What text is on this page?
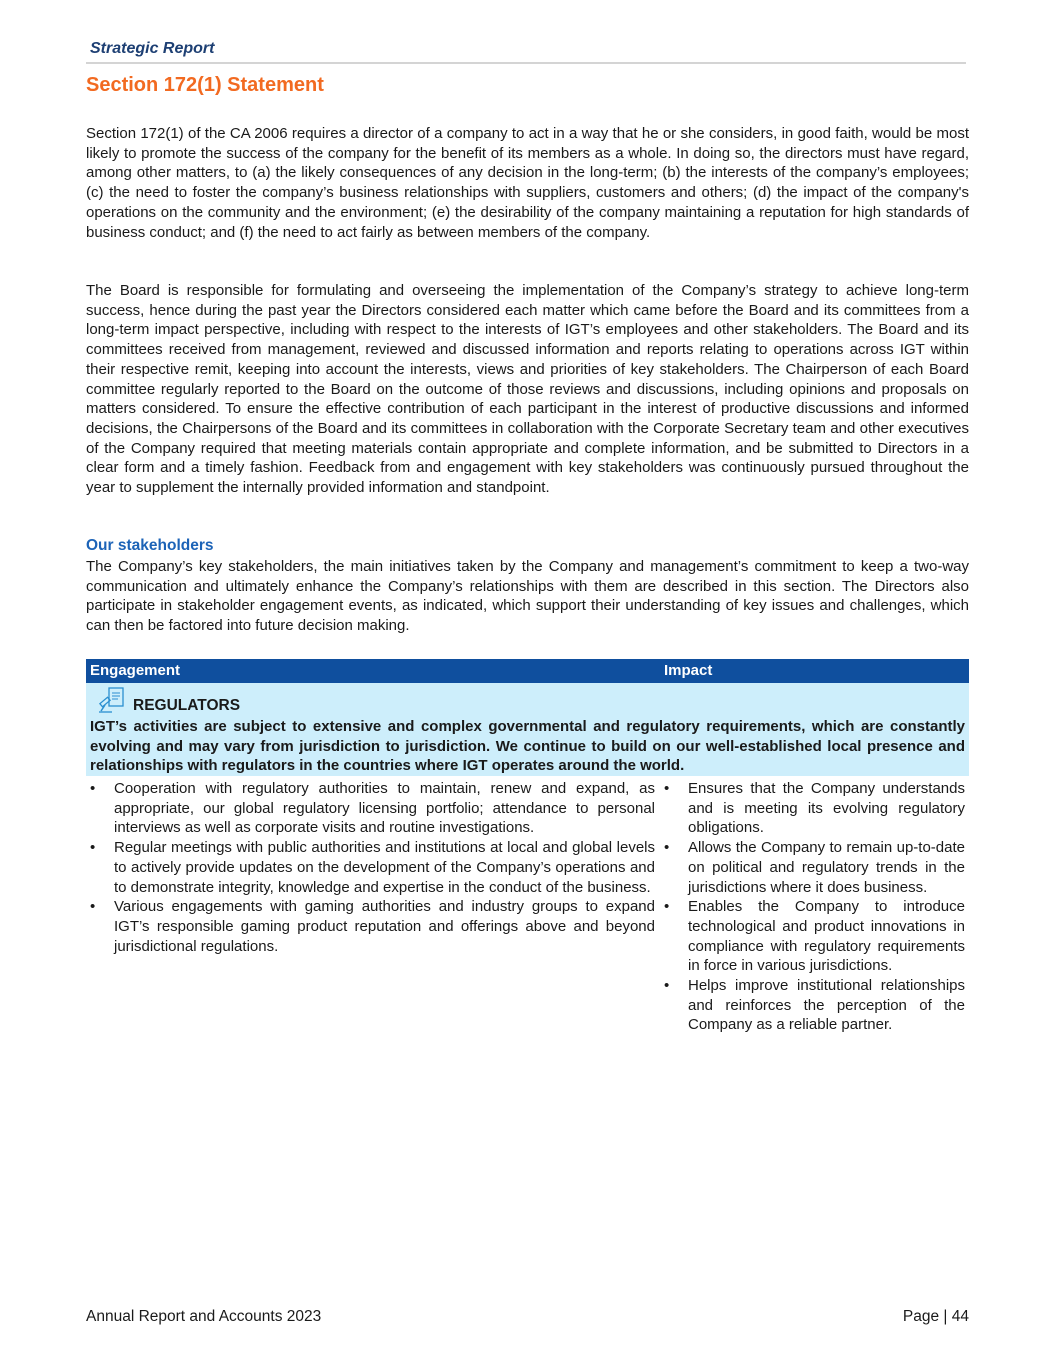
Strategic Report
Section 172(1) Statement

Section 172(1) of the CA 2006 requires a director of a company to act in a way that he or she considers, in good faith, would be most likely to promote the success of the company for the benefit of its members as a whole. In doing so, the directors must have regard, among other matters, to (a) the likely consequences of any decision in the long-term; (b) the interests of the company’s employees; (c) the need to foster the company’s business relationships with suppliers, customers and others; (d) the impact of the company's operations on the community and the environment; (e) the desirability of the company maintaining a reputation for high standards of business conduct; and (f) the need to act fairly as between members of the company.

The Board is responsible for formulating and overseeing the implementation of the Company’s strategy to achieve long-term success, hence during the past year the Directors considered each matter which came before the Board and its committees from a long-term impact perspective, including with respect to the interests of IGT’s employees and other stakeholders. The Board and its committees received from management, reviewed and discussed information and reports relating to operations across IGT within their respective remit, keeping into account the interests, views and priorities of key stakeholders. The Chairperson of each Board committee regularly reported to the Board on the outcome of those reviews and discussions, including opinions and proposals on matters considered. To ensure the effective contribution of each participant in the interest of productive discussions and informed decisions, the Chairpersons of the Board and its committees in collaboration with the Corporate Secretary team and other executives of the Company required that meeting materials contain appropriate and complete information, and be submitted to Directors in a clear form and a timely fashion. Feedback from and engagement with key stakeholders was continuously pursued throughout the year to supplement the internally provided information and standpoint.

Our stakeholders

The Company’s key stakeholders, the main initiatives taken by the Company and management’s commitment to keep a two-way communication and ultimately enhance the Company’s relationships with them are described in this section. The Directors also participate in stakeholder engagement events, as indicated, which support their understanding of key issues and challenges, which can then be factored into future decision making.

Engagement	Impact
REGULATORS

IGT’s activities are subject to extensive and complex governmental and regulatory requirements, which are constantly evolving and may vary from jurisdiction to jurisdiction. We continue to build on our well-established local presence and relationships with regulators in the countries where IGT operates around the world.

• Cooperation with regulatory authorities to maintain, renew and expand, as appropriate, our global regulatory licensing portfolio; attendance to personal interviews as well as corporate visits and routine investigations.
• Regular meetings with public authorities and institutions at local and global levels to actively provide updates on the development of the Company’s operations and to demonstrate integrity, knowledge and expertise in the conduct of the business.
• Various engagements with gaming authorities and industry groups to expand IGT’s responsible gaming product reputation and offerings above and beyond jurisdictional regulations.
• Ensures that the Company understands and is meeting its evolving regulatory obligations.
• Allows the Company to remain up-to-date on political and regulatory trends in the jurisdictions where it does business.
• Enables the Company to introduce technological and product innovations in compliance with regulatory requirements in force in various jurisdictions.
• Helps improve institutional relationships and reinforces the perception of the Company as a reliable partner.
Annual Report and Accounts 2023	Page | 44
